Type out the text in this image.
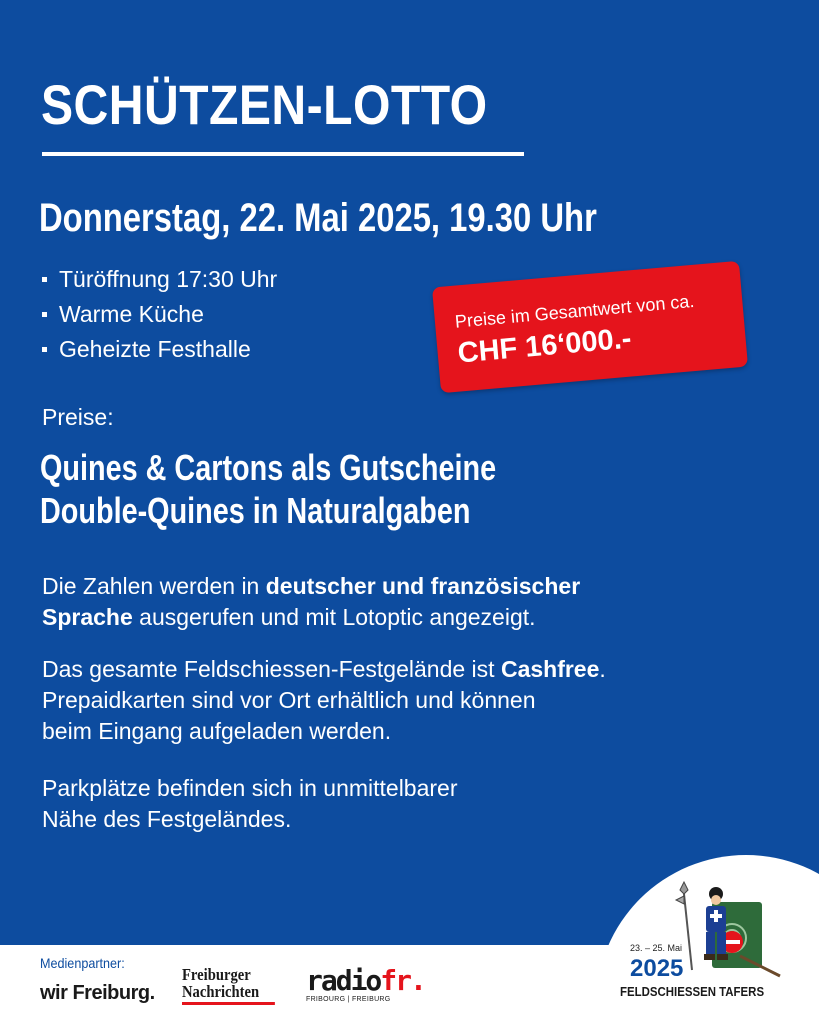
SCHÜTZEN-LOTTO
Donnerstag, 22. Mai 2025, 19.30 Uhr
Türöffnung 17:30 Uhr
Warme Küche
Geheizte Festhalle
Preise im Gesamtwert von ca.
CHF 16‘000.-
Preise:
Quines & Cartons als Gutscheine
Double-Quines in Naturalgaben
Die Zahlen werden in deutscher und französischer
Sprache ausgerufen und mit Lotoptic angezeigt.
Das gesamte Feldschiessen-Festgelände ist Cashfree.
Prepaidkarten sind vor Ort erhältlich und können
beim Eingang aufgeladen werden.
Parkplätze befinden sich in unmittelbarer
Nähe des Festgeländes.
Medienpartner:
wir Freiburg.
Freiburger
Nachrichten	radiofr.
FRIBOURG | FREIBURG
23. – 25. Mai
2025
FELDSCHIESSEN TAFERS
